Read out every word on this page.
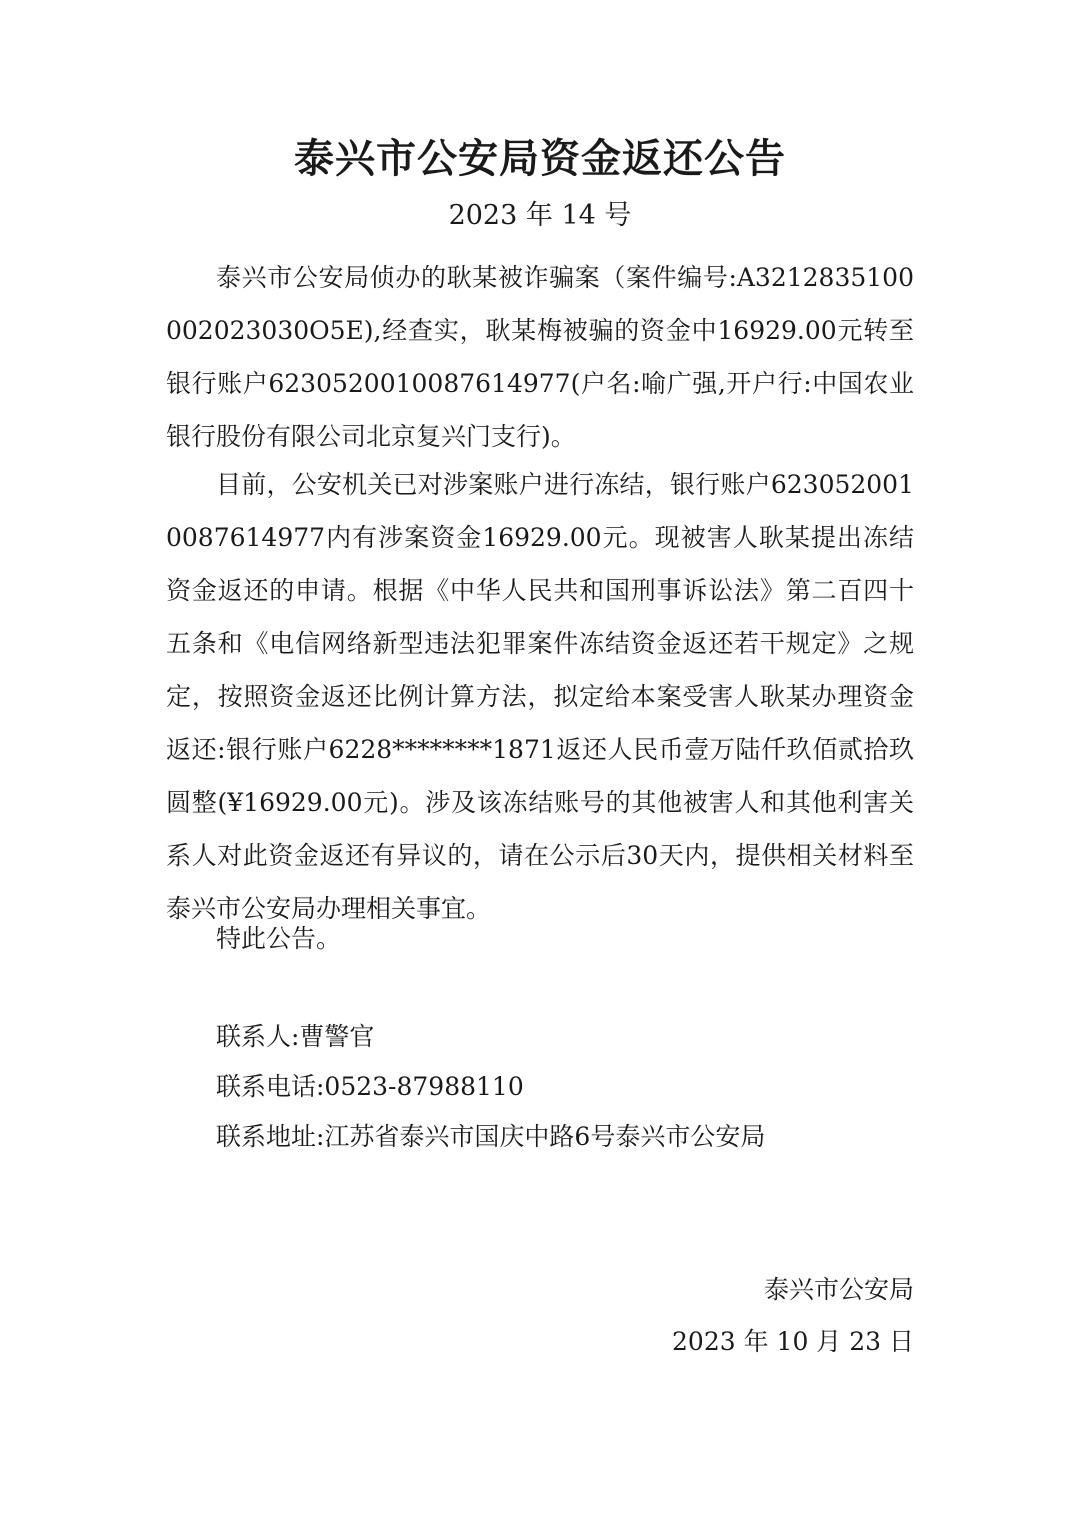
泰兴市公安局资金返还公告
2023 年 14 号

泰兴市公安局侦办的耿某被诈骗案（案件编号:A3212835100002023030O5E),经查实，耿某梅被骗的资金中16929.00元转至银行账户6230520010087614977(户名:喻广强,开户行:中国农业银行股份有限公司北京复兴门支行)。

目前，公安机关已对涉案账户进行冻结，银行账户6230520010087614977内有涉案资金16929.00元。现被害人耿某提出冻结资金返还的申请。根据《中华人民共和国刑事诉讼法》第二百四十五条和《电信网络新型违法犯罪案件冻结资金返还若干规定》之规定，按照资金返还比例计算方法，拟定给本案受害人耿某办理资金返还:银行账户6228********1871返还人民币壹万陆仟玖佰贰拾玖圆整(¥16929.00元)。涉及该冻结账号的其他被害人和其他利害关系人对此资金返还有异议的，请在公示后30天内，提供相关材料至泰兴市公安局办理相关事宜。

特此公告。

联系人:曹警官

联系电话:0523-87988110

联系地址:江苏省泰兴市国庆中路6号泰兴市公安局

泰兴市公安局

2023 年 10 月 23 日
